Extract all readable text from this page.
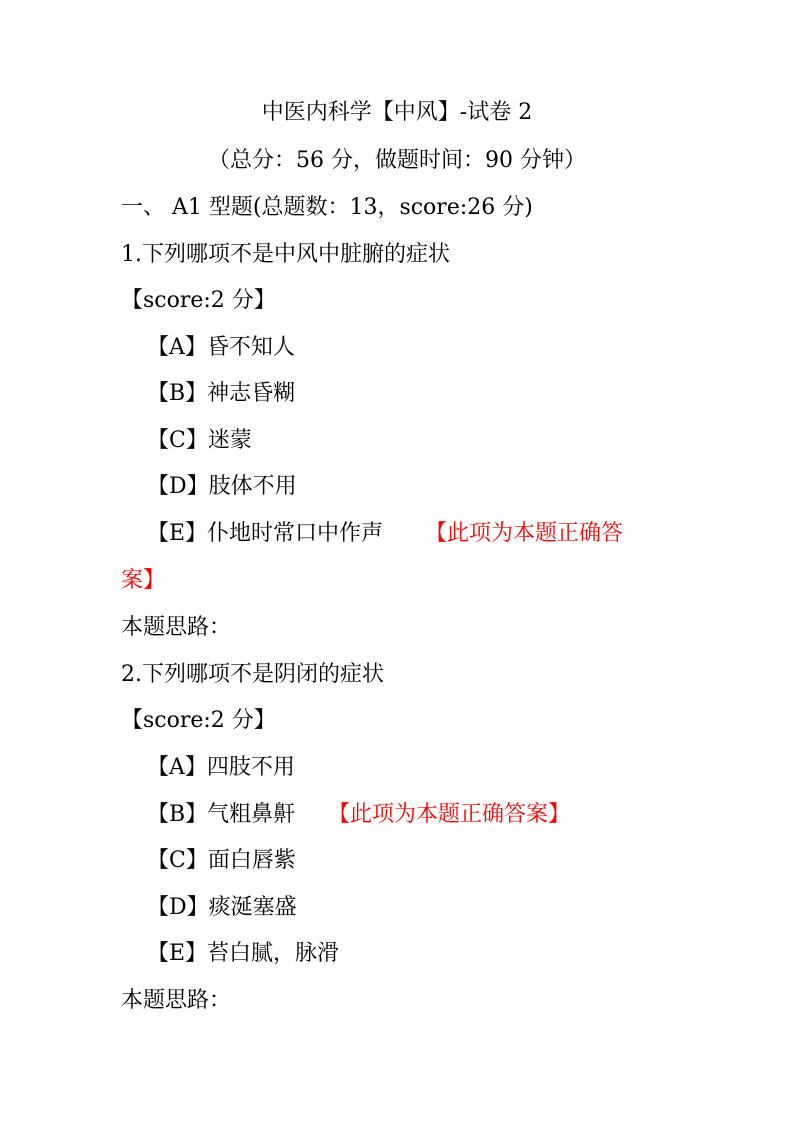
中医内科学【中风】-试卷 2
（总分：56 分，做题时间：90 分钟）
一、 A1 型题(总题数：13，score:26 分)
1.下列哪项不是中风中脏腑的症状
【score:2 分】
【A】昏不知人
【B】神志昏糊
【C】迷蒙
【D】肢体不用
【E】仆地时常口中作声 【此项为本题正确答
案】
本题思路：
2.下列哪项不是阴闭的症状
【score:2 分】
【A】四肢不用
【B】气粗鼻鼾 【此项为本题正确答案】
【C】面白唇紫
【D】痰涎塞盛
【E】苔白腻，脉滑
本题思路：
